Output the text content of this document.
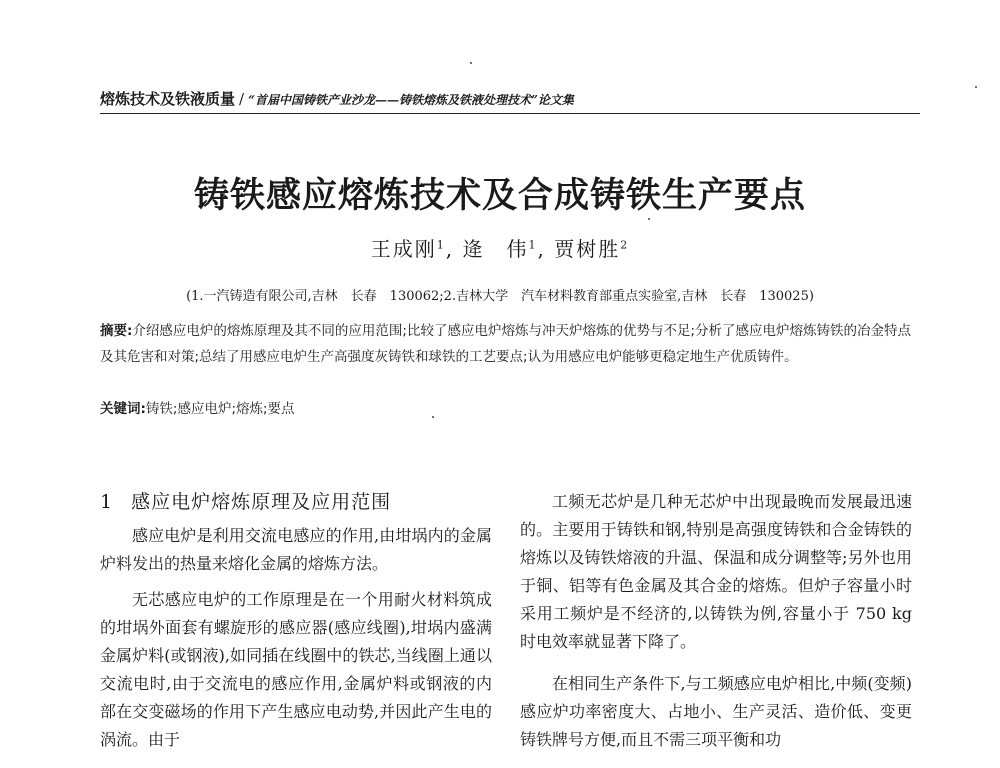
熔炼技术及铁液质量 / “首届中国铸铁产业沙龙——铸铁熔炼及铁液处理技术”论文集
铸铁感应熔炼技术及合成铸铁生产要点
王成刚$^1$, 逄　伟$^1$, 贾树胜$^2$
(1.一汽铸造有限公司,吉林　长春　130062;2.吉林大学　汽车材料教育部重点实验室,吉林　长春　130025)
摘要:介绍感应电炉的熔炼原理及其不同的应用范围;比较了感应电炉熔炼与冲天炉熔炼的优势与不足;分析了感应电炉熔炼铸铁的冶金特点及其危害和对策;总结了用感应电炉生产高强度灰铸铁和球铁的工艺要点;认为用感应电炉能够更稳定地生产优质铸件。
关键词:铸铁;感应电炉;熔炼;要点
1 感应电炉熔炼原理及应用范围

感应电炉是利用交流电感应的作用,由坩埚内的金属炉料发出的热量来熔化金属的熔炼方法。

无芯感应电炉的工作原理是在一个用耐火材料筑成的坩埚外面套有螺旋形的感应器(感应线圈),坩埚内盛满金属炉料(或钢液),如同插在线圈中的铁芯,当线圈上通以交流电时,由于交流电的感应作用,金属炉料或钢液的内部在交变磁场的作用下产生感应电动势,并因此产生电的涡流。由于

工频无芯炉是几种无芯炉中出现最晚而发展最迅速的。主要用于铸铁和钢,特别是高强度铸铁和合金铸铁的熔炼以及铸铁熔液的升温、保温和成分调整等;另外也用于铜、铝等有色金属及其合金的熔炼。但炉子容量小时采用工频炉是不经济的,以铸铁为例,容量小于 750 kg 时电效率就显著下降了。

在相同生产条件下,与工频感应电炉相比,中频(变频)感应炉功率密度大、占地小、生产灵活、造价低、变更铸铁牌号方便,而且不需三项平衡和功
